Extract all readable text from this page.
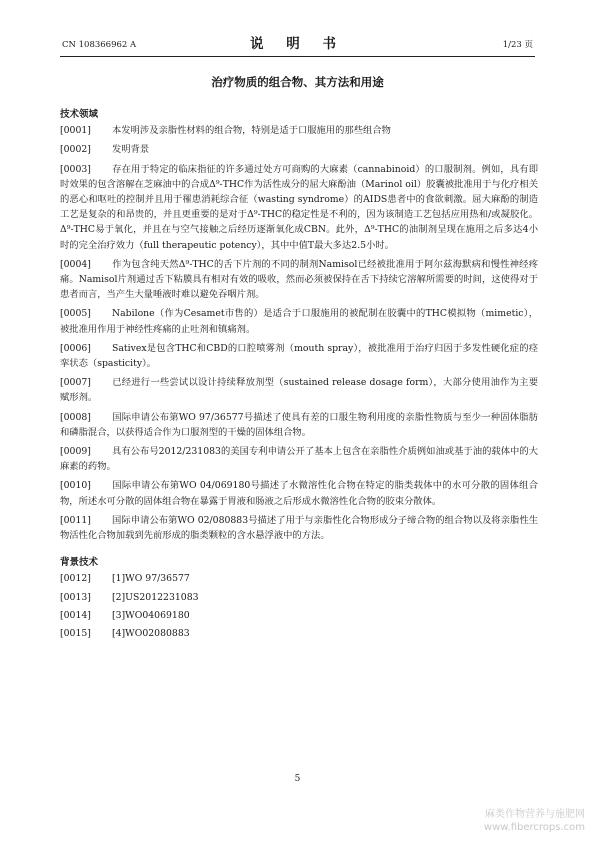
CN 108366962 A	说 明 书	1/23 页
治疗物质的组合物、其方法和用途
技术领域
[0001] 本发明涉及亲脂性材料的组合物，特别是适于口服施用的那些组合物
[0002] 发明背景
[0003] 存在用于特定的临床指征的许多通过处方可商购的大麻素（cannabinoid）的口服制剂。例如，具有即时效果的包含溶解在芝麻油中的合成Δ⁹-THC作为活性成分的屈大麻酚油（Marinol oil）胶囊被批准用于与化疗相关的恶心和呕吐的控制并且用于罹患消耗综合征（wasting syndrome）的AIDS患者中的食欲刺激。屈大麻酚的制造工艺是复杂的和昂贵的，并且更重要的是对于Δ⁹-THC的稳定性是不利的，因为该制造工艺包括应用热和/或凝胶化。Δ⁹-THC易于氧化，并且在与空气接触之后经历逐渐氧化成CBN。此外，Δ⁹-THC的油制剂呈现在施用之后多达4小时的完全治疗效力（full therapeutic potency），其中中值T最大多达2.5小时。
[0004] 作为包含纯天然Δ⁹-THC的舌下片剂的不同的制剂Namisol已经被批准用于阿尔兹海默病和慢性神经疼痛。Namisol片剂通过舌下粘膜具有相对有效的吸收，然而必须被保持在舌下持续它溶解所需要的时间，这使得对于患者而言，当产生大量唾液时难以避免吞咽片剂。
[0005] Nabilone（作为Cesamet市售的）是适合于口服施用的被配制在胶囊中的THC模拟物（mimetic），被批准用作用于神经性疼痛的止吐剂和镇痛剂。
[0006] Sativex是包含THC和CBD的口腔喷雾剂（mouth spray），被批准用于治疗归因于多发性硬化症的痉挛状态（spasticity）。
[0007] 已经进行一些尝试以设计持续释放剂型（sustained release dosage form），大部分使用油作为主要赋形剂。
[0008] 国际申请公布第WO 97/36577号描述了使具有差的口服生物利用度的亲脂性物质与至少一种固体脂肪和磷脂混合，以获得适合作为口服剂型的干燥的固体组合物。
[0009] 具有公布号2012/231083的美国专利申请公开了基本上包含在亲脂性介质例如油或基于油的载体中的大麻素的药物。
[0010] 国际申请公布第WO 04/069180号描述了水微溶性化合物在特定的脂类载体中的水可分散的固体组合物，所述水可分散的固体组合物在暴露于胃液和肠液之后形成水微溶性化合物的胶束分散体。
[0011] 国际申请公布第WO 02/080883号描述了用于与亲脂性化合物形成分子缔合物的组合物以及将亲脂性生物活性化合物加载到先前形成的脂类颗粒的含水悬浮液中的方法。
背景技术
[0012] [1]WO 97/36577
[0013] [2]US2012231083
[0014] [3]WO04069180
[0015] [4]WO02080883
5
麻类作物营养与施肥网
www.fibercrops.com
